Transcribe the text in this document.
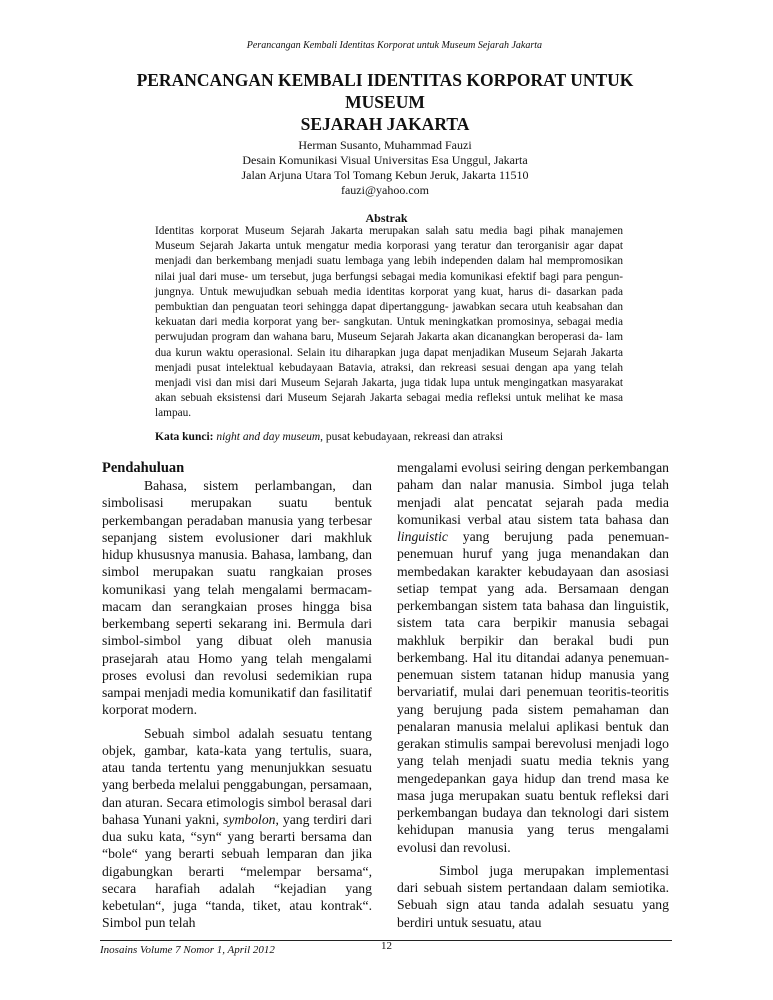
Perancangan Kembali Identitas Korporat untuk Museum Sejarah Jakarta
PERANCANGAN KEMBALI IDENTITAS KORPORAT UNTUK MUSEUM
SEJARAH JAKARTA
Herman Susanto, Muhammad Fauzi
Desain Komunikasi Visual Universitas Esa Unggul, Jakarta
Jalan Arjuna Utara Tol Tomang Kebun Jeruk, Jakarta 11510
fauzi@yahoo.com
Abstrak

Identitas korporat Museum Sejarah Jakarta merupakan salah satu media bagi pihak manajemen Museum Sejarah Jakarta untuk mengatur media korporasi yang teratur dan terorganisir agar dapat menjadi dan berkembang menjadi suatu lembaga yang lebih independen dalam hal mempromosikan nilai jual dari muse- um tersebut, juga berfungsi sebagai media komunikasi efektif bagi para pengun- jungnya. Untuk mewujudkan sebuah media identitas korporat yang kuat, harus di- dasarkan pada pembuktian dan penguatan teori sehingga dapat dipertanggung- jawabkan secara utuh keabsahan dan kekuatan dari media korporat yang ber- sangkutan. Untuk meningkatkan promosinya, sebagai media perwujudan program dan wahana baru, Museum Sejarah Jakarta akan dicanangkan beroperasi da- lam dua kurun waktu operasional. Selain itu diharapkan juga dapat menjadikan Museum Sejarah Jakarta menjadi pusat intelektual kebudayaan Batavia, atraksi, dan rekreasi sesuai dengan apa yang telah menjadi visi dan misi dari Museum Sejarah Jakarta, juga tidak lupa untuk mengingatkan masyarakat akan sebuah eksistensi dari Museum Sejarah Jakarta sebagai media refleksi untuk melihat ke masa lampau.

Kata kunci: night and day museum, pusat kebudayaan, rekreasi dan atraksi
Pendahuluan

Bahasa, sistem perlambangan, dan simbolisasi merupakan suatu bentuk perkembangan peradaban manusia yang terbesar sepanjang sistem evolusioner dari makhluk hidup khususnya manusia. Bahasa, lambang, dan simbol merupakan suatu rangkaian proses komunikasi yang telah mengalami bermacam-macam dan serangkaian proses hingga bisa berkembang seperti sekarang ini. Bermula dari simbol-simbol yang dibuat oleh manusia prasejarah atau Homo yang telah mengalami proses evolusi dan revolusi sedemikian rupa sampai menjadi media komunikatif dan fasilitatif korporat modern.

Sebuah simbol adalah sesuatu tentang objek, gambar, kata-kata yang tertulis, suara, atau tanda tertentu yang menunjukkan sesuatu yang berbeda melalui penggabungan, persamaan, dan aturan. Secara etimologis simbol berasal dari bahasa Yunani yakni, symbolon, yang terdiri dari dua suku kata, “syn“ yang berarti bersama dan “bole“ yang berarti sebuah lemparan dan jika digabungkan berarti “melempar bersama“, secara harafiah adalah “kejadian yang kebetulan“, juga “tanda, tiket, atau kontrak“. Simbol pun telah

mengalami evolusi seiring dengan perkembangan paham dan nalar manusia. Simbol juga telah menjadi alat pencatat sejarah pada media komunikasi verbal atau sistem tata bahasa dan linguistic yang berujung pada penemuan-penemuan huruf yang juga menandakan dan membedakan karakter kebudayaan dan asosiasi setiap tempat yang ada. Bersamaan dengan perkembangan sistem tata bahasa dan linguistik, sistem tata cara berpikir manusia sebagai makhluk berpikir dan berakal budi pun berkembang. Hal itu ditandai adanya penemuan-penemuan sistem tatanan hidup manusia yang bervariatif, mulai dari penemuan teoritis-teoritis yang berujung pada sistem pemahaman dan penalaran manusia melalui aplikasi bentuk dan gerakan stimulis sampai berevolusi menjadi logo yang telah menjadi suatu media teknis yang mengedepankan gaya hidup dan trend masa ke masa juga merupakan suatu bentuk refleksi dari perkembangan budaya dan teknologi dari sistem kehidupan manusia yang terus mengalami evolusi dan revolusi.

Simbol juga merupakan implementasi dari sebuah sistem pertandaan dalam semiotika. Sebuah sign atau tanda adalah sesuatu yang berdiri untuk sesuatu, atau

Inosains Volume 7 Nomor 1, April 2012	12
